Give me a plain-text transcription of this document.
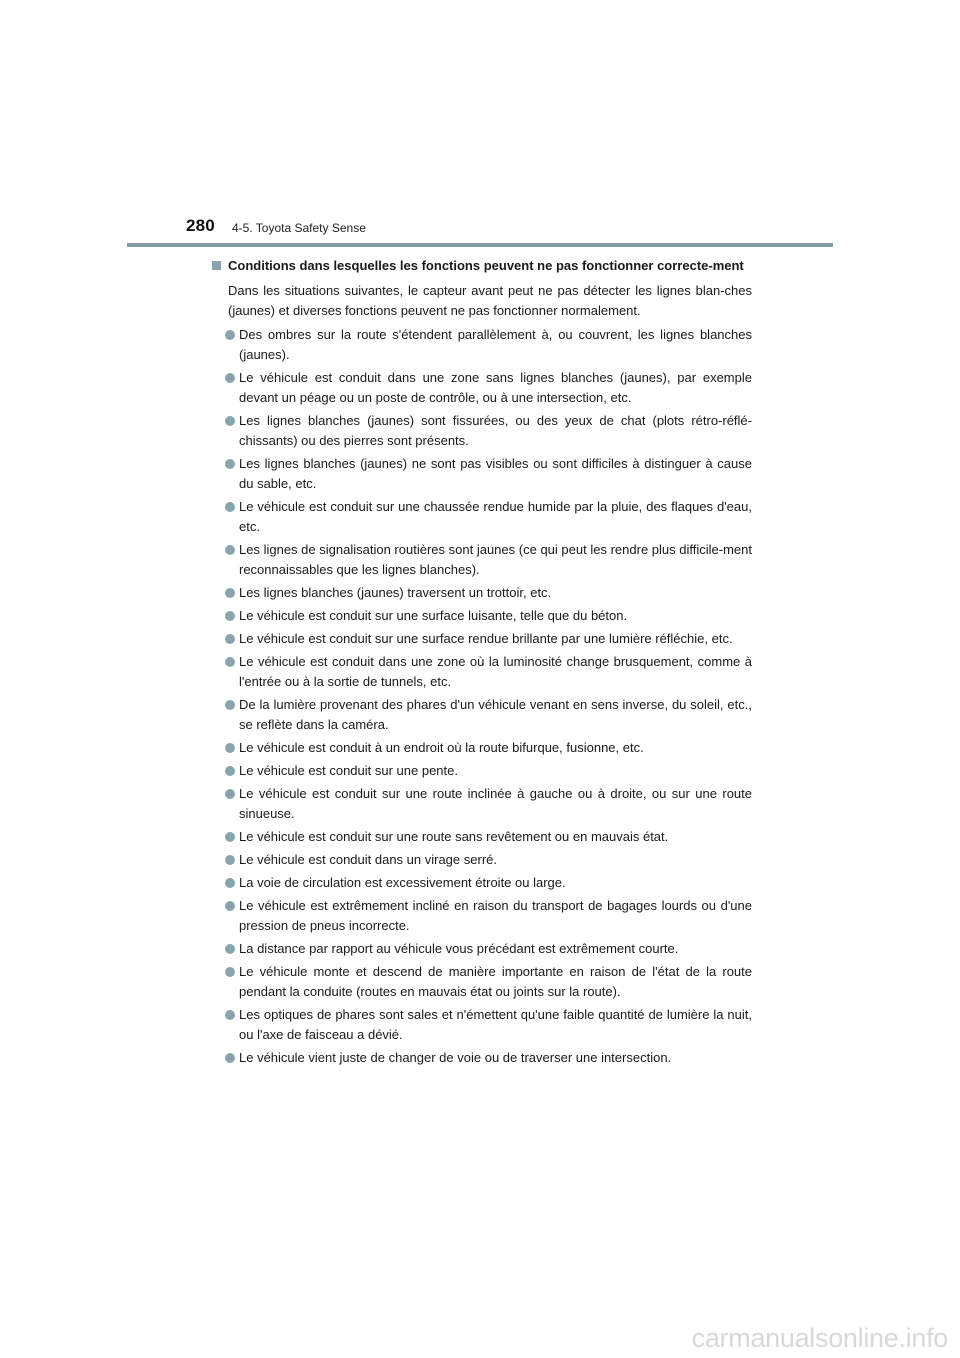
280 4-5. Toyota Safety Sense
Conditions dans lesquelles les fonctions peuvent ne pas fonctionner correcte-ment
Dans les situations suivantes, le capteur avant peut ne pas détecter les lignes blan-ches (jaunes) et diverses fonctions peuvent ne pas fonctionner normalement.
Des ombres sur la route s'étendent parallèlement à, ou couvrent, les lignes blanches (jaunes).
Le véhicule est conduit dans une zone sans lignes blanches (jaunes), par exemple devant un péage ou un poste de contrôle, ou à une intersection, etc.
Les lignes blanches (jaunes) sont fissurées, ou des yeux de chat (plots rétro-réflé-chissants) ou des pierres sont présents.
Les lignes blanches (jaunes) ne sont pas visibles ou sont difficiles à distinguer à cause du sable, etc.
Le véhicule est conduit sur une chaussée rendue humide par la pluie, des flaques d'eau, etc.
Les lignes de signalisation routières sont jaunes (ce qui peut les rendre plus difficile-ment reconnaissables que les lignes blanches).
Les lignes blanches (jaunes) traversent un trottoir, etc.
Le véhicule est conduit sur une surface luisante, telle que du béton.
Le véhicule est conduit sur une surface rendue brillante par une lumière réfléchie, etc.
Le véhicule est conduit dans une zone où la luminosité change brusquement, comme à l'entrée ou à la sortie de tunnels, etc.
De la lumière provenant des phares d'un véhicule venant en sens inverse, du soleil, etc., se reflète dans la caméra.
Le véhicule est conduit à un endroit où la route bifurque, fusionne, etc.
Le véhicule est conduit sur une pente.
Le véhicule est conduit sur une route inclinée à gauche ou à droite, ou sur une route sinueuse.
Le véhicule est conduit sur une route sans revêtement ou en mauvais état.
Le véhicule est conduit dans un virage serré.
La voie de circulation est excessivement étroite ou large.
Le véhicule est extrêmement incliné en raison du transport de bagages lourds ou d'une pression de pneus incorrecte.
La distance par rapport au véhicule vous précédant est extrêmement courte.
Le véhicule monte et descend de manière importante en raison de l'état de la route pendant la conduite (routes en mauvais état ou joints sur la route).
Les optiques de phares sont sales et n'émettent qu'une faible quantité de lumière la nuit, ou l'axe de faisceau a dévié.
Le véhicule vient juste de changer de voie ou de traverser une intersection.
carmanualsonline.info
